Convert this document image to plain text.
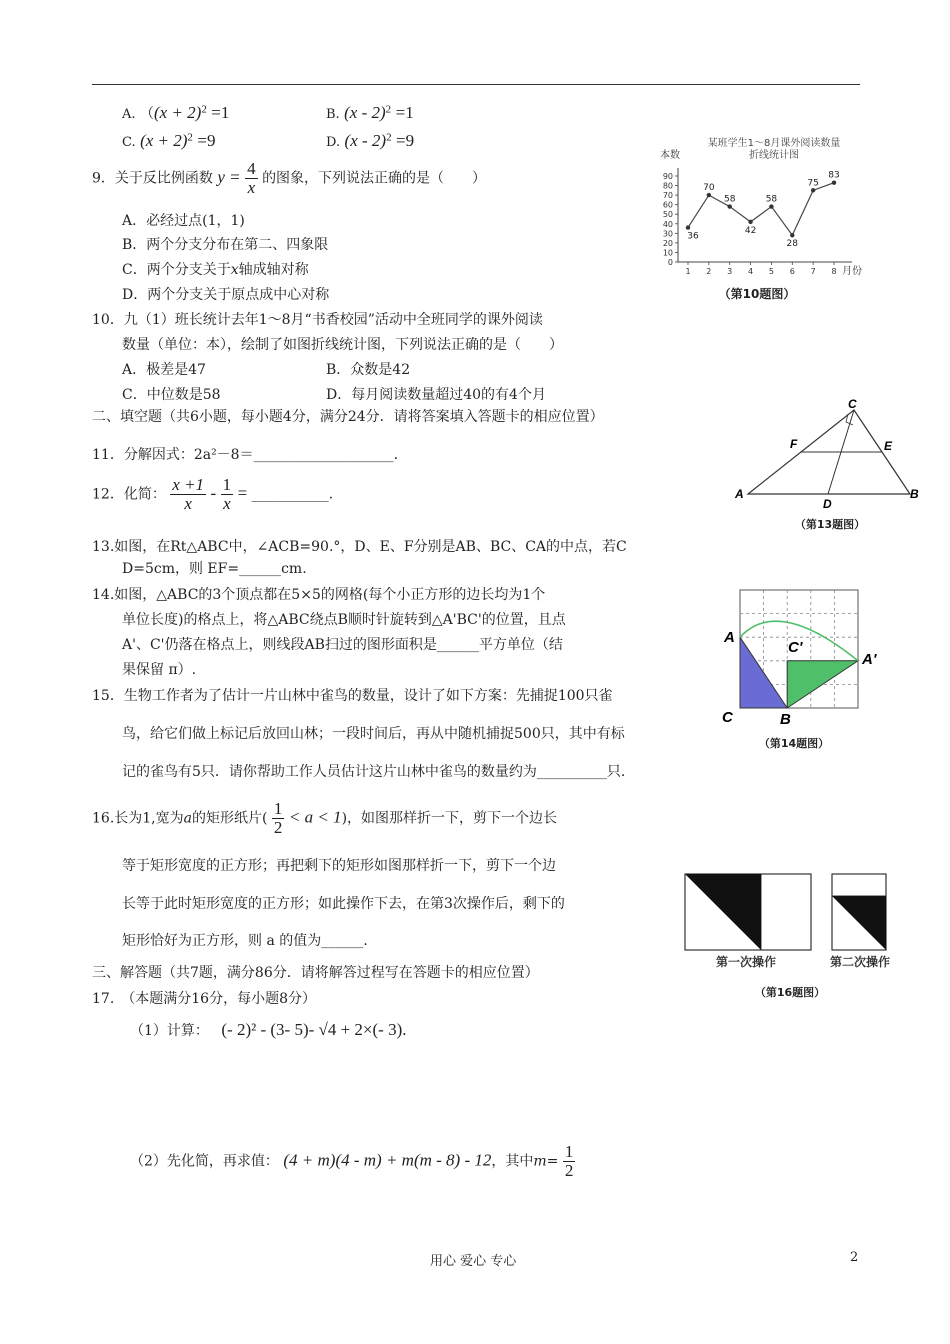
A. （$(x + 2)^2 =1$	B. (x - 2)$^2$ =1
C. $(x + 2)^2 =9$	D. (x - 2)$^2$ =9
9．关于反比例函数 $y = \frac{4}{x}$ 的图象，下列说法正确的是（　　）
A．必经过点(1，1)
B．两个分支分布在第二、四象限
C．两个分支关于x轴成轴对称
D．两个分支关于原点成中心对称
10．九（1）班长统计去年1～8月“书香校园”活动中全班同学的课外阅读
数量（单位：本），绘制了如图折线统计图，下列说法正确的是（　　）
A．极差是47	B．众数是42
C．中位数是58	D．每月阅读数量超过40的有4个月
二、填空题（共6小题，每小题4分，满分24分．请将答案填入答题卡的相应位置）
11．分解因式：2a²－8＝____________________.
12．化简： $\frac{x +1}{x} - \frac{1}{x}$ = ___________.
13.如图，在Rt△ABC中，∠ACB=90.°，D、E、F分别是AB、BC、CA的中点，若C
D=5cm，则 EF=______cm.
14.如图，△ABC的3个顶点都在5×5的网格(每个小正方形的边长均为1个
单位长度)的格点上，将△ABC绕点B顺时针旋转到△A'BC'的位置，且点
A'、C'仍落在格点上，则线段AB扫过的图形面积是______平方单位（结
果保留 π）.
15．生物工作者为了估计一片山林中雀鸟的数量，设计了如下方案：先捕捉100只雀
鸟，给它们做上标记后放回山林；一段时间后，再从中随机捕捉500只，其中有标
记的雀鸟有5只．请你帮助工作人员估计这片山林中雀鸟的数量约为__________只.
16.长为1,宽为a的矩形纸片( $\frac{1}{2} < a < 1$)，如图那样折一下，剪下一个边长
等于矩形宽度的正方形；再把剩下的矩形如图那样折一下，剪下一个边
长等于此时矩形宽度的正方形；如此操作下去，在第3次操作后，剩下的
矩形恰好为正方形，则 a 的值为______.
三、解答题（共7题，满分86分．请将解答过程写在答题卡的相应位置）
17.　（本题满分16分，每小题8分）
（1）计算： (- 2)² - (3- 5)- √4 + 2×(- 3).
（2）先化简，再求值： (4 + m)(4 - m) + m(m - 8) - 12，其中$m= \frac{1}{2}$
某班学生1～8月课外阅读数量
折线统计图
本数
月份
0
10
20
30
40
50
60
70
80
90
1 2 3 4 5 6 7 8
36
70
58
42
58
28
75
83
（第10题图）
C
F	E
A
D
B
（第13题图）
A
C	B
C'
A'
（第14题图）
第一次操作	第二次操作
（第16题图）
用心 爱心 专心	2
